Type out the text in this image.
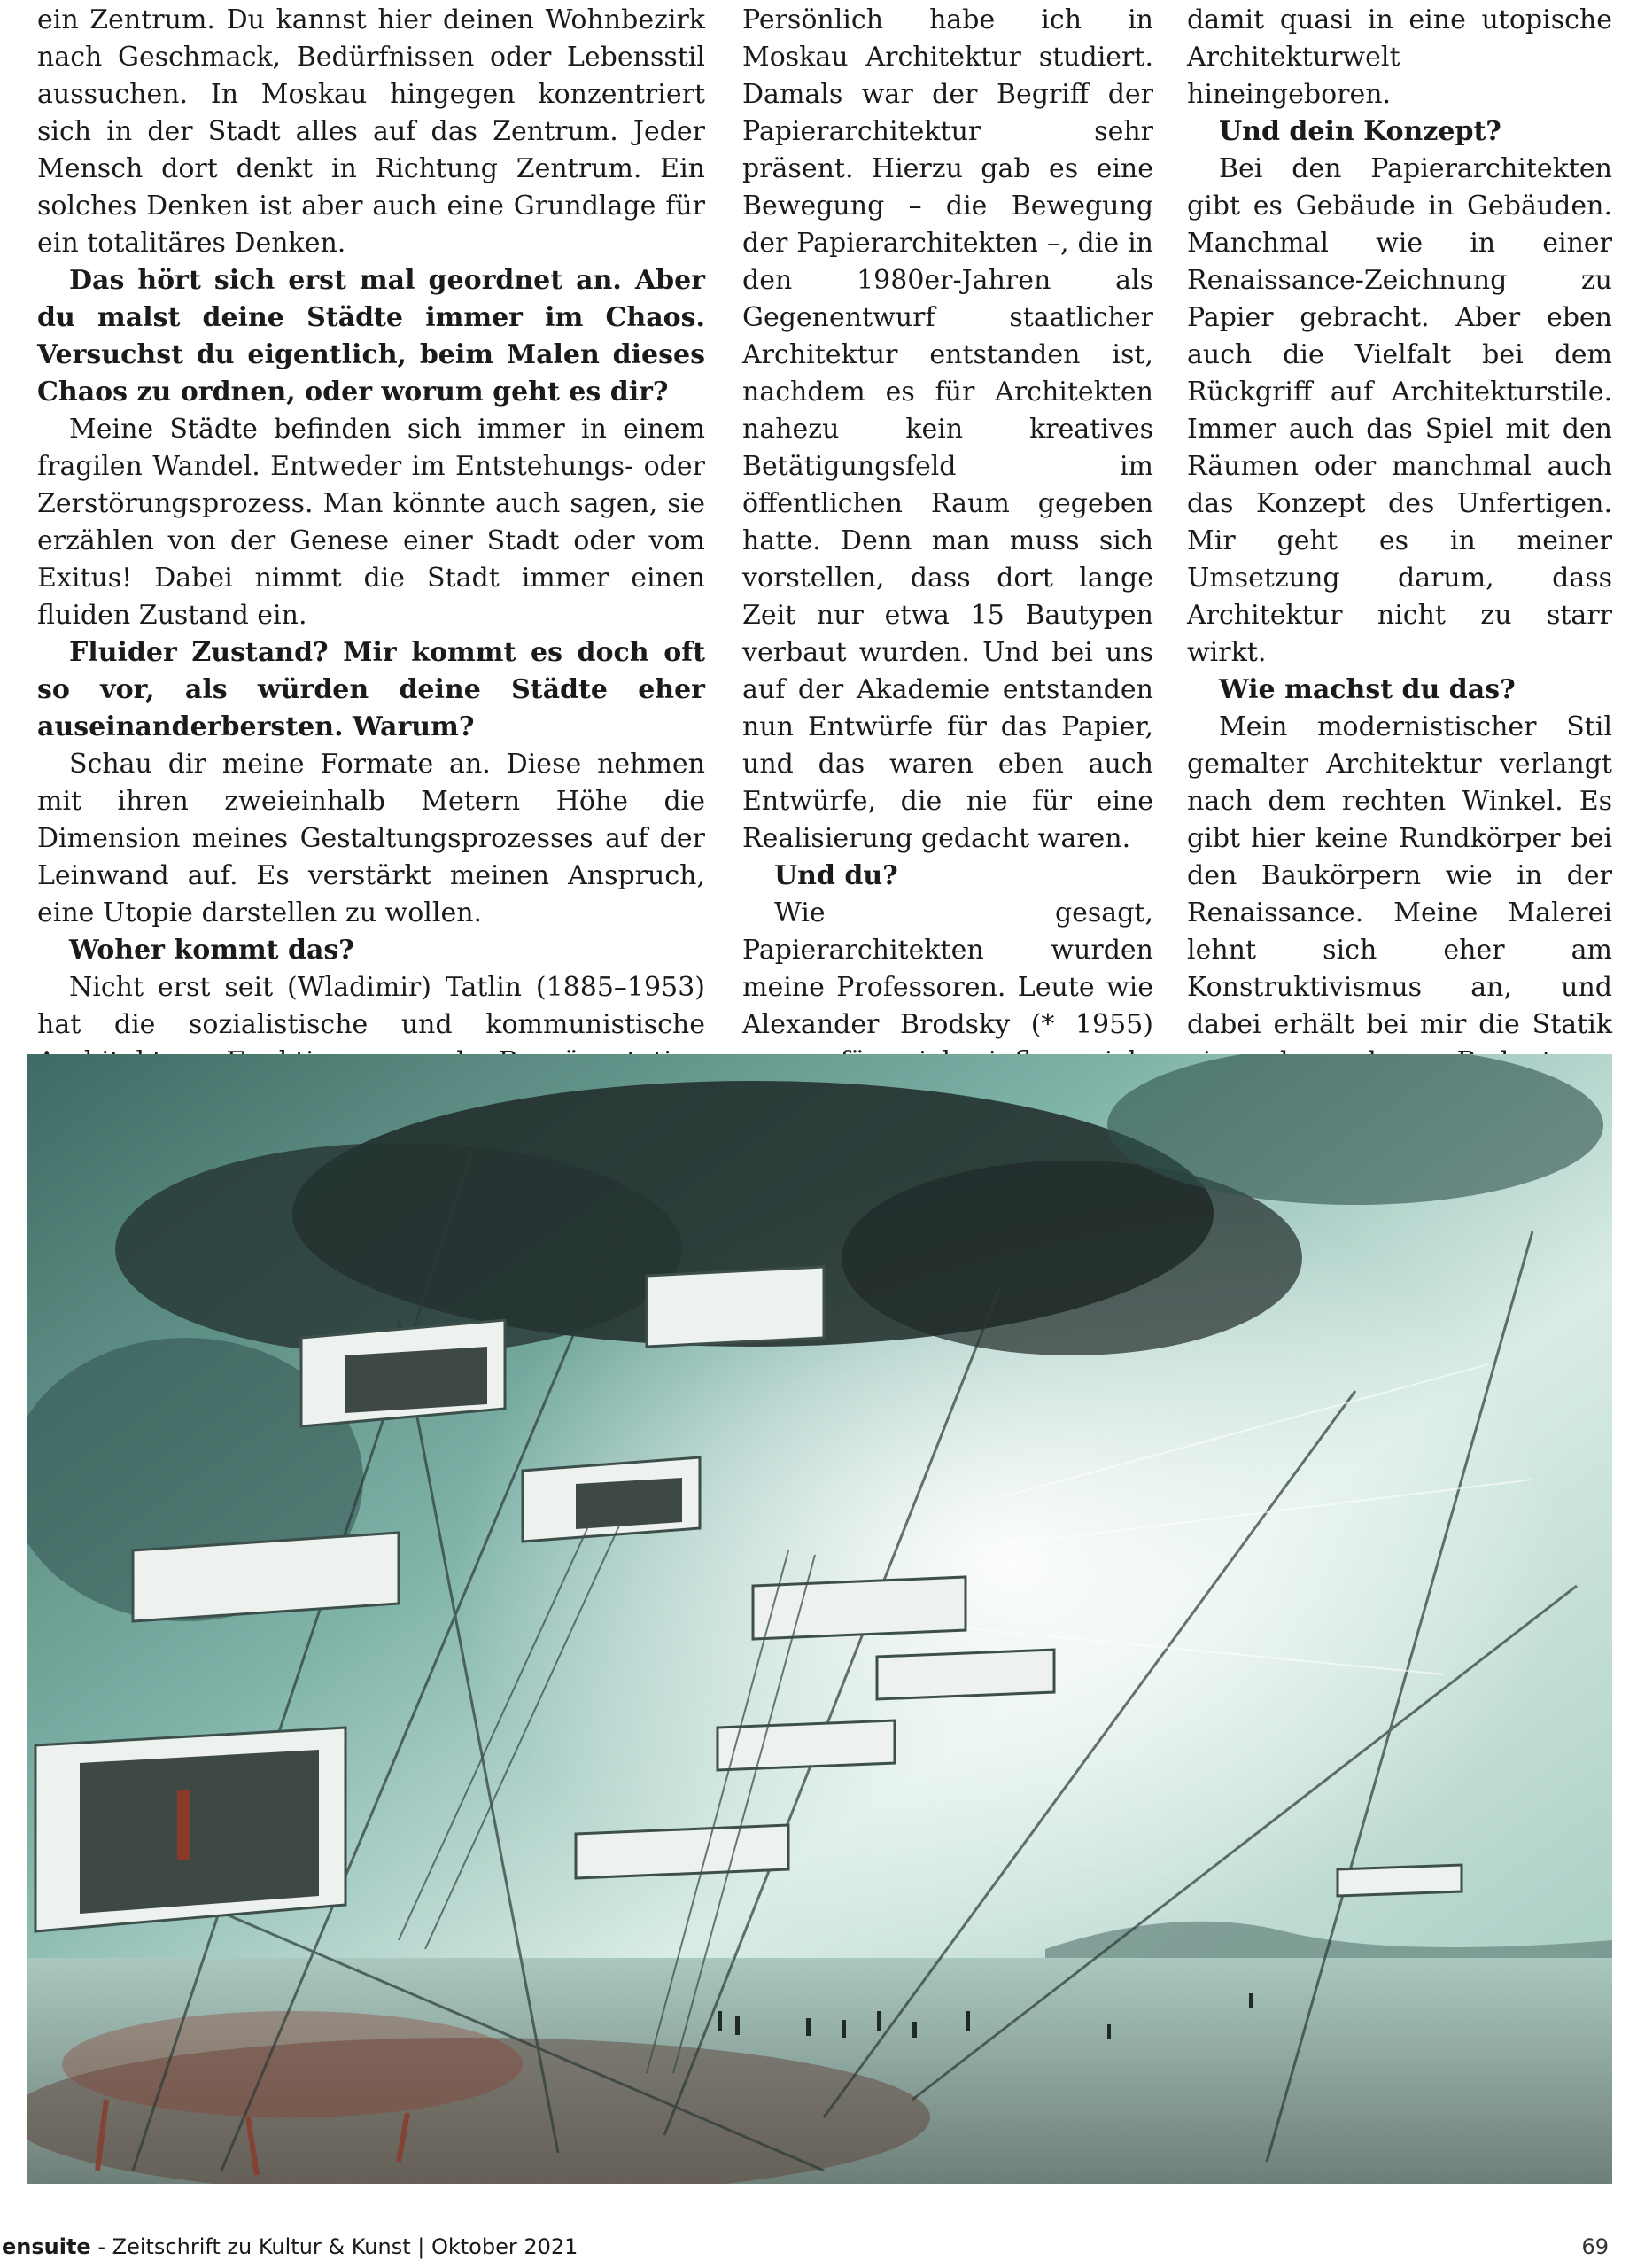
ein Zentrum. Du kannst hier deinen Wohnbezirk nach Geschmack, Bedürfnissen oder Lebensstil aussuchen. In Moskau hingegen konzentriert sich in der Stadt alles auf das Zentrum. Jeder Mensch dort denkt in Richtung Zentrum. Ein solches Denken ist aber auch eine Grundlage für ein totalitäres Denken.

Das hört sich erst mal geordnet an. Aber du malst deine Städte immer im Chaos. Versuchst du eigentlich, beim Malen dieses Chaos zu ordnen, oder worum geht es dir?

Meine Städte befinden sich immer in einem fragilen Wandel. Entweder im Entstehungs- oder Zerstörungsprozess. Man könnte auch sagen, sie erzählen von der Genese einer Stadt oder vom Exitus! Dabei nimmt die Stadt immer einen fluiden Zustand ein.

Fluider Zustand? Mir kommt es doch oft so vor, als würden deine Städte eher auseinanderbersten. Warum?

Schau dir meine Formate an. Diese nehmen mit ihren zweieinhalb Metern Höhe die Dimension meines Gestaltungsprozesses auf der Leinwand auf. Es verstärkt meinen Anspruch, eine Utopie darstellen zu wollen.

Woher kommt das?

Nicht erst seit (Wladimir) Tatlin (1885–1953) hat die sozialistische und kommunistische

Persönlich habe ich in Moskau Architektur studiert. Damals war der Begriff der Papierarchitektur sehr präsent. Hierzu gab es eine Bewegung – die Bewegung der Papierarchitekten –, die in den 1980er-Jahren als Gegenentwurf staatlicher Architektur entstanden ist, nachdem es für Architekten nahezu kein kreatives Betätigungsfeld im öffentlichen Raum gegeben hatte. Denn man muss sich vorstellen, dass dort lange Zeit nur etwa 15 Bautypen verbaut wurden. Und bei uns auf der Akademie entstanden nun Entwürfe für das Papier, und das waren eben auch Entwürfe, die nie für eine Realisierung gedacht waren.

Und du?

Wie gesagt, Papierarchitekten wurden meine Professoren. Leute wie Alexander Brodsky (* 1955)

damit quasi in eine utopische Architekturwelt hineingeboren.

Und dein Konzept?

Bei den Papierarchitekten gibt es Gebäude in Gebäuden. Manchmal wie in einer Renaissance-Zeichnung zu Papier gebracht. Aber eben auch die Vielfalt bei dem Rückgriff auf Architekturstile. Immer auch das Spiel mit den Räumen oder manchmal auch das Konzept des Unfertigen. Mir geht es in meiner Umsetzung darum, dass Architektur nicht zu starr wirkt.

Wie machst du das?

Mein modernistischer Stil gemalter Architektur verlangt nach dem rechten Winkel. Es gibt hier keine Rundkörper bei den Baukörpern wie in der Renaissance. Meine Malerei lehnt sich eher am Konstruktivismus an, und dabei erhält bei mir die Statik

ensuite - Zeitschrift zu Kultur & Kunst | Oktober 2021	69
